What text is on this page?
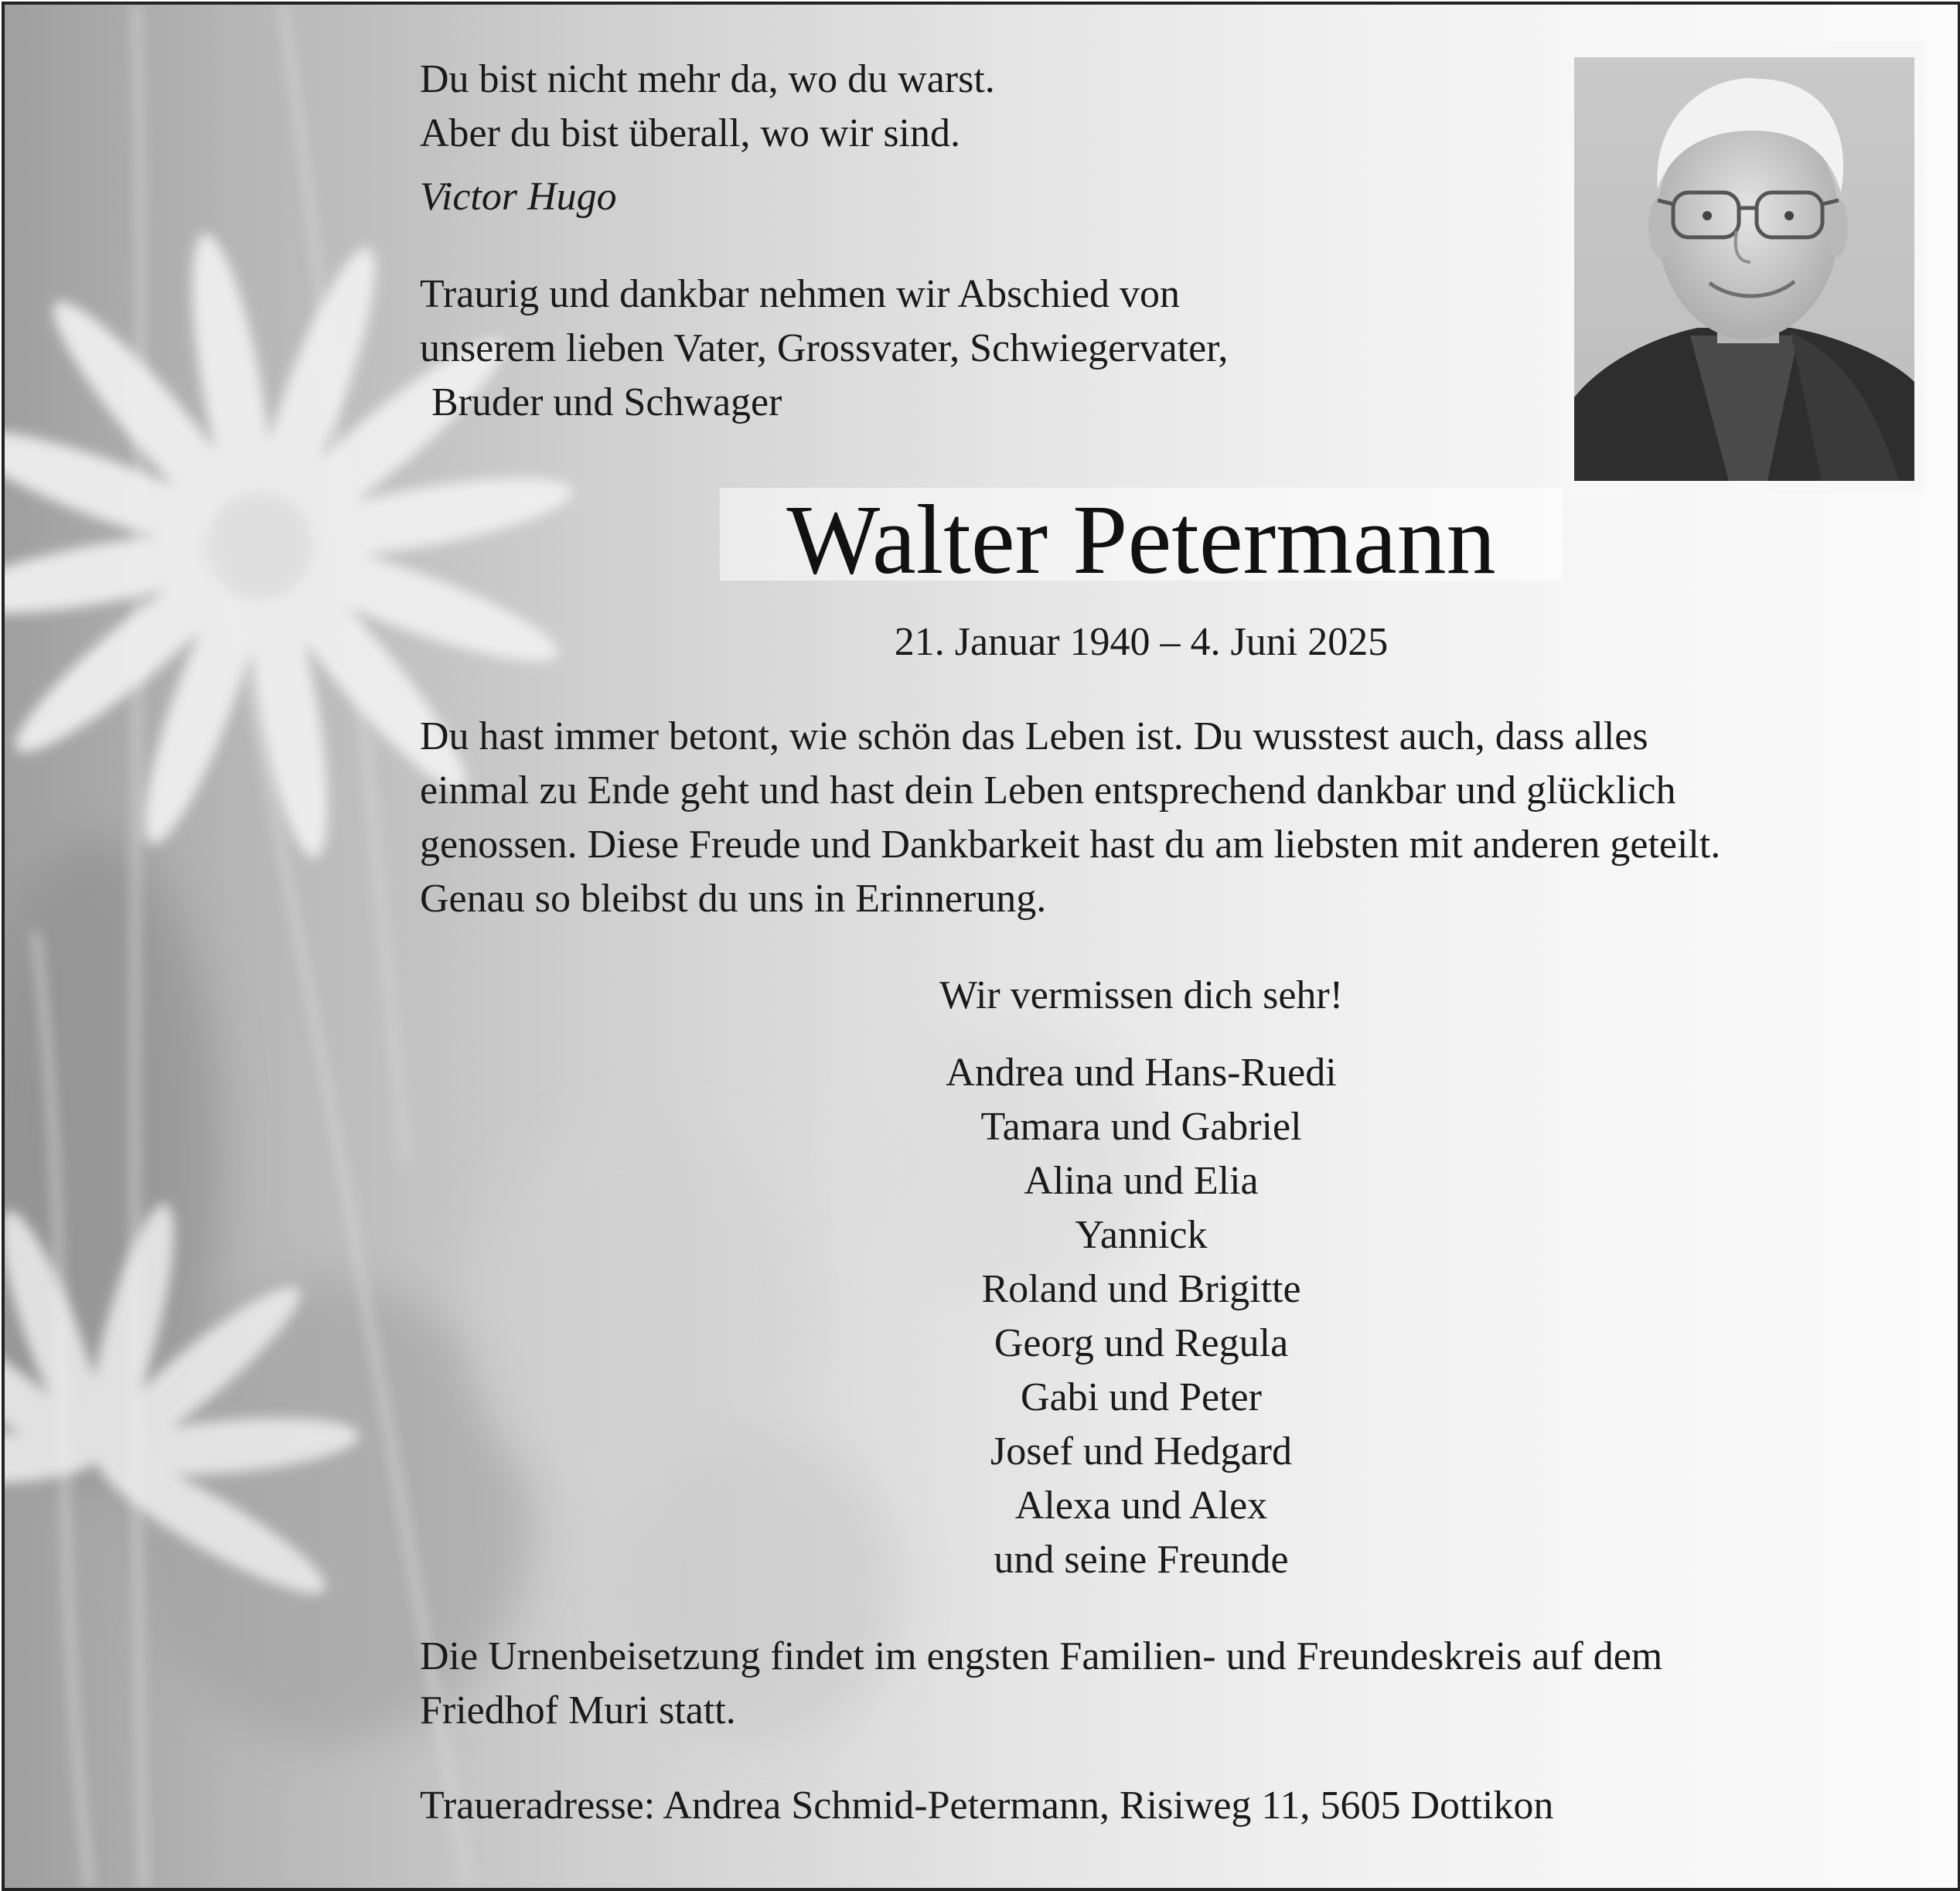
Du bist nicht mehr da, wo du warst.
Aber du bist überall, wo wir sind.
Victor Hugo
Traurig und dankbar nehmen wir Abschied von
unserem lieben Vater, Grossvater, Schwiegervater,
Bruder und Schwager
Walter Petermann
21. Januar 1940 – 4. Juni 2025
Du hast immer betont, wie schön das Leben ist. Du wusstest auch, dass alles
einmal zu Ende geht und hast dein Leben entsprechend dankbar und glücklich
genossen. Diese Freude und Dankbarkeit hast du am liebsten mit anderen geteilt.
Genau so bleibst du uns in Erinnerung.
Wir vermissen dich sehr!
Andrea und Hans-Ruedi
Tamara und Gabriel
Alina und Elia
Yannick
Roland und Brigitte
Georg und Regula
Gabi und Peter
Josef und Hedgard
Alexa und Alex
und seine Freunde
Die Urnenbeisetzung findet im engsten Familien- und Freundeskreis auf dem
Friedhof Muri statt.
Traueradresse: Andrea Schmid-Petermann, Risiweg 11, 5605 Dottikon
